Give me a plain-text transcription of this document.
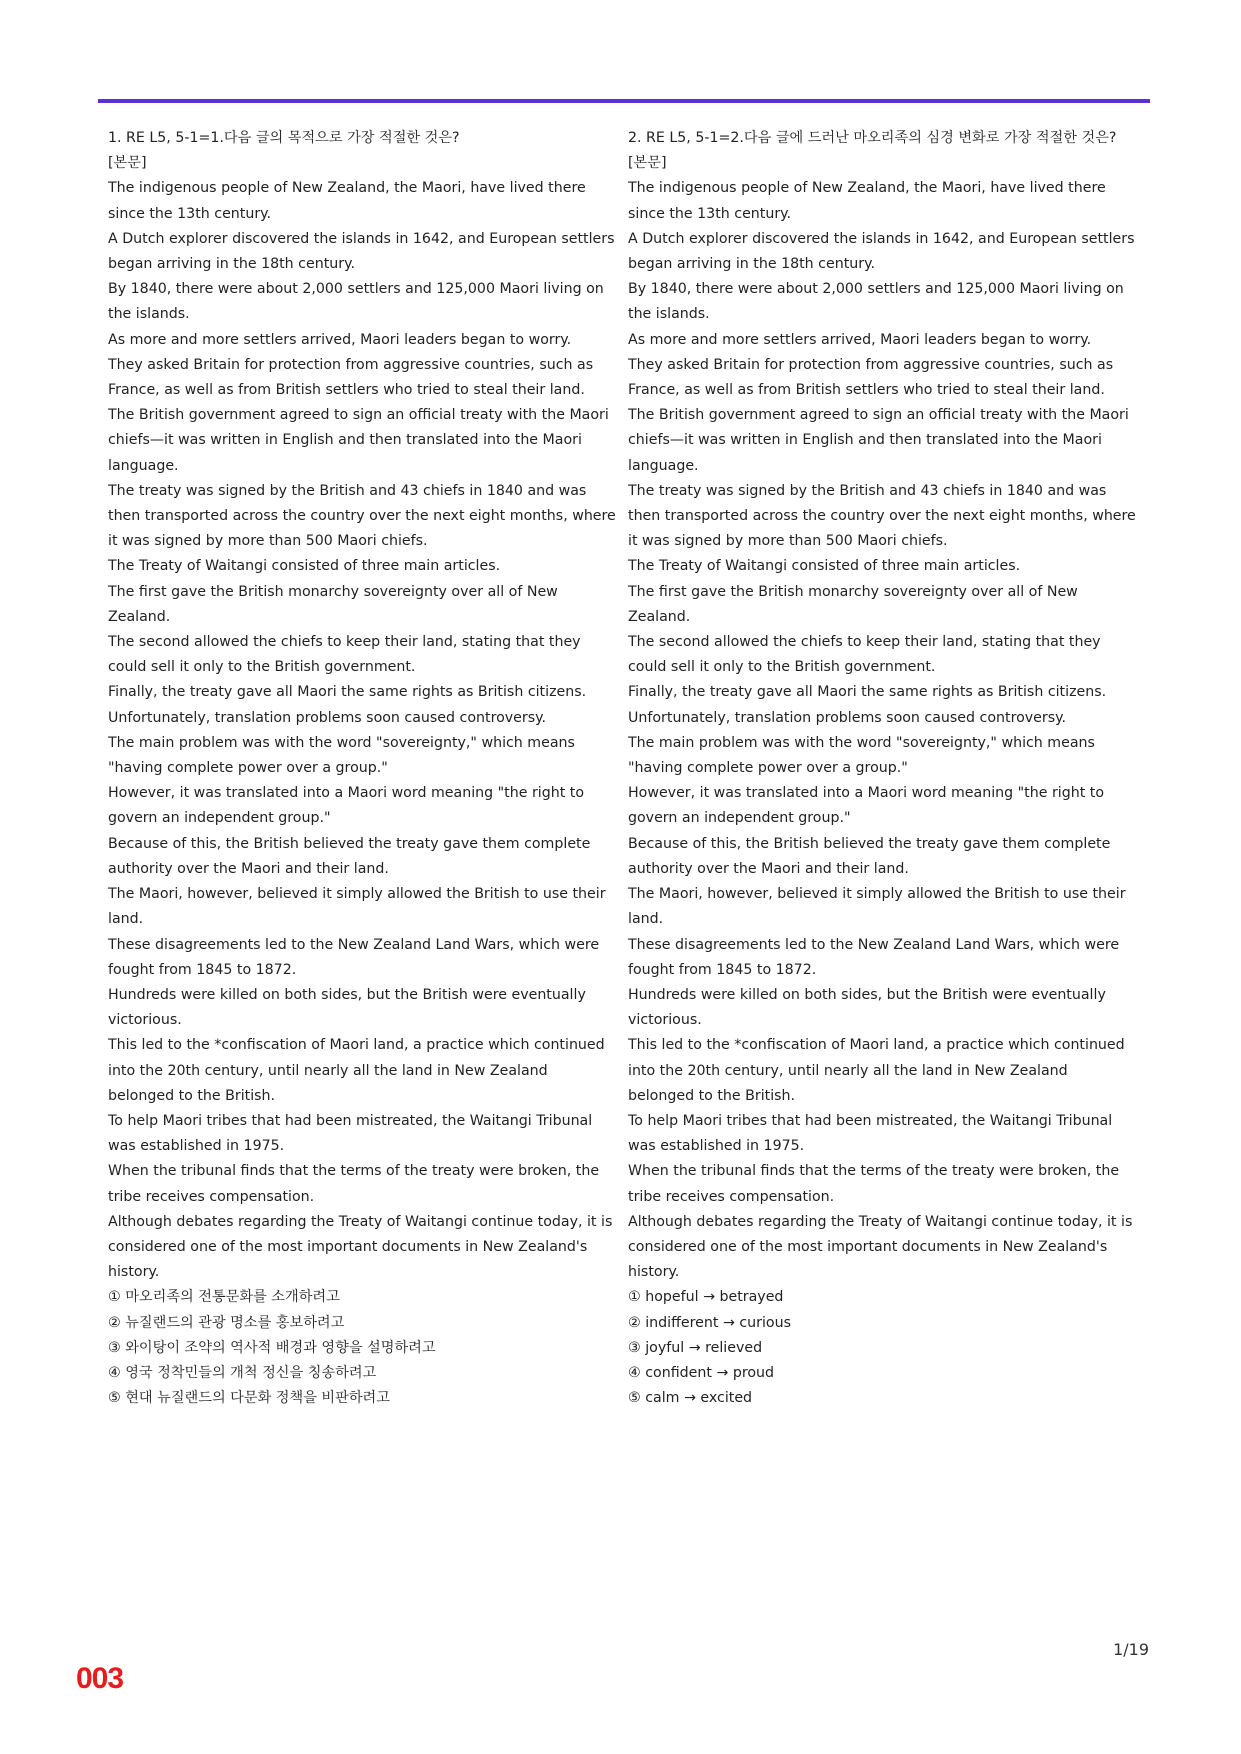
1. RE L5, 5-1=1.다음 글의 목적으로 가장 적절한 것은?
[본문]
The indigenous people of New Zealand, the Maori, have lived there since the 13th century.
A Dutch explorer discovered the islands in 1642, and European settlers began arriving in the 18th century.
By 1840, there were about 2,000 settlers and 125,000 Maori living on the islands.
As more and more settlers arrived, Maori leaders began to worry.
They asked Britain for protection from aggressive countries, such as France, as well as from British settlers who tried to steal their land.
The British government agreed to sign an official treaty with the Maori chiefs—it was written in English and then translated into the Maori language.
The treaty was signed by the British and 43 chiefs in 1840 and was then transported across the country over the next eight months, where it was signed by more than 500 Maori chiefs.
The Treaty of Waitangi consisted of three main articles.
The first gave the British monarchy sovereignty over all of New Zealand.
The second allowed the chiefs to keep their land, stating that they could sell it only to the British government.
Finally, the treaty gave all Maori the same rights as British citizens.
Unfortunately, translation problems soon caused controversy.
The main problem was with the word "sovereignty," which means "having complete power over a group."
However, it was translated into a Maori word meaning "the right to govern an independent group."
Because of this, the British believed the treaty gave them complete authority over the Maori and their land.
The Maori, however, believed it simply allowed the British to use their land.
These disagreements led to the New Zealand Land Wars, which were fought from 1845 to 1872.
Hundreds were killed on both sides, but the British were eventually victorious.
This led to the *confiscation of Maori land, a practice which continued into the 20th century, until nearly all the land in New Zealand belonged to the British.
To help Maori tribes that had been mistreated, the Waitangi Tribunal was established in 1975.
When the tribunal finds that the terms of the treaty were broken, the tribe receives compensation.
Although debates regarding the Treaty of Waitangi continue today, it is considered one of the most important documents in New Zealand's history.
① 마오리족의 전통문화를 소개하려고
② 뉴질랜드의 관광 명소를 홍보하려고
③ 와이탕이 조약의 역사적 배경과 영향을 설명하려고
④ 영국 정착민들의 개척 정신을 칭송하려고
⑤ 현대 뉴질랜드의 다문화 정책을 비판하려고
2. RE L5, 5-1=2.다음 글에 드러난 마오리족의 심경 변화로 가장 적절한 것은?
[본문]
The indigenous people of New Zealand, the Maori, have lived there since the 13th century.
A Dutch explorer discovered the islands in 1642, and European settlers began arriving in the 18th century.
By 1840, there were about 2,000 settlers and 125,000 Maori living on the islands.
As more and more settlers arrived, Maori leaders began to worry.
They asked Britain for protection from aggressive countries, such as France, as well as from British settlers who tried to steal their land.
The British government agreed to sign an official treaty with the Maori chiefs—it was written in English and then translated into the Maori language.
The treaty was signed by the British and 43 chiefs in 1840 and was then transported across the country over the next eight months, where it was signed by more than 500 Maori chiefs.
The Treaty of Waitangi consisted of three main articles.
The first gave the British monarchy sovereignty over all of New Zealand.
The second allowed the chiefs to keep their land, stating that they could sell it only to the British government.
Finally, the treaty gave all Maori the same rights as British citizens.
Unfortunately, translation problems soon caused controversy.
The main problem was with the word "sovereignty," which means "having complete power over a group."
However, it was translated into a Maori word meaning "the right to govern an independent group."
Because of this, the British believed the treaty gave them complete authority over the Maori and their land.
The Maori, however, believed it simply allowed the British to use their land.
These disagreements led to the New Zealand Land Wars, which were fought from 1845 to 1872.
Hundreds were killed on both sides, but the British were eventually victorious.
This led to the *confiscation of Maori land, a practice which continued into the 20th century, until nearly all the land in New Zealand belonged to the British.
To help Maori tribes that had been mistreated, the Waitangi Tribunal was established in 1975.
When the tribunal finds that the terms of the treaty were broken, the tribe receives compensation.
Although debates regarding the Treaty of Waitangi continue today, it is considered one of the most important documents in New Zealand's history.
① hopeful → betrayed
② indifferent → curious
③ joyful → relieved
④ confident → proud
⑤ calm → excited
1/19
003
